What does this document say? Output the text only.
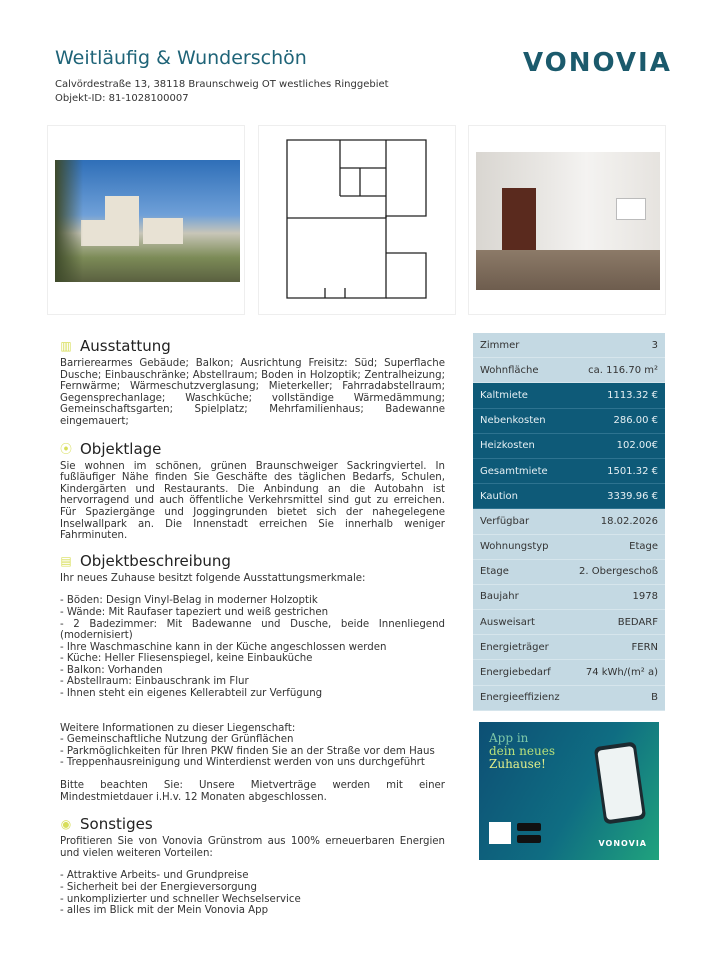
Weitläufig & Wunderschön
Calvördestraße 13, 38118 Braunschweig OT westliches Ringgebiet
Objekt-ID: 81-1028100007
VONOVIA
▥ Ausstattung
Barrierearmes Gebäude; Balkon; Ausrichtung Freisitz: Süd; Superflache Dusche; Einbauschränke; Abstellraum; Boden in Holzoptik; Zentralheizung; Fernwärme; Wärmeschutzverglasung; Mieterkeller; Fahrradabstellraum; Gegensprechanlage; Waschküche; vollständige Wärmedämmung; Gemeinschaftsgarten; Spielplatz; Mehrfamilienhaus; Badewanne eingemauert;
⦿ Objektlage
Sie wohnen im schönen, grünen Braunschweiger Sackringviertel. In fußläufiger Nähe finden Sie Geschäfte des täglichen Bedarfs, Schulen, Kindergärten und Restaurants. Die Anbindung an die Autobahn ist hervorragend und auch öffentliche Verkehrsmittel sind gut zu erreichen. Für Spaziergänge und Joggingrunden bietet sich der nahegelegene Inselwallpark an. Die Innenstadt erreichen Sie innerhalb weniger Fahrminuten.
▤ Objektbeschreibung
Ihr neues Zuhause besitzt folgende Ausstattungsmerkmale:
- Böden: Design Vinyl-Belag in moderner Holzoptik
- Wände: Mit Raufaser tapeziert und weiß gestrichen
- 2 Badezimmer: Mit Badewanne und Dusche, beide Innenliegend (modernisiert)
- Ihre Waschmaschine kann in der Küche angeschlossen werden
- Küche: Heller Fliesenspiegel, keine Einbauküche
- Balkon: Vorhanden
- Abstellraum: Einbauschrank im Flur
- Ihnen steht ein eigenes Kellerabteil zur Verfügung
Weitere Informationen zu dieser Liegenschaft:
- Gemeinschaftliche Nutzung der Grünflächen
- Parkmöglichkeiten für Ihren PKW finden Sie an der Straße vor dem Haus
- Treppenhausreinigung und Winterdienst werden von uns durchgeführt
Bitte beachten Sie: Unsere Mietverträge werden mit einer Mindestmietdauer i.H.v. 12 Monaten abgeschlossen.
◉ Sonstiges
Profitieren Sie von Vonovia Grünstrom aus 100% erneuerbaren Energien und vielen weiteren Vorteilen:
- Attraktive Arbeits- und Grundpreise
- Sicherheit bei der Energieversorgung
- unkomplizierter und schneller Wechselservice
- alles im Blick mit der Mein Vonovia App
Zimmer	3
Wohnfläche	ca. 116.70 m²
Kaltmiete	1113.32 €
Nebenkosten	286.00 €
Heizkosten	102.00€
Gesamtmiete	1501.32 €
Kaution	3339.96 €
Verfügbar	18.02.2026
Wohnungstyp	Etage
Etage	2. Obergeschoß
Baujahr	1978
Ausweisart	BEDARF
Energieträger	FERN
Energiebedarf	74 kWh/(m² a)
Energieeffizienz	B
App in
dein neues
Zuhause!
VONOVIA
